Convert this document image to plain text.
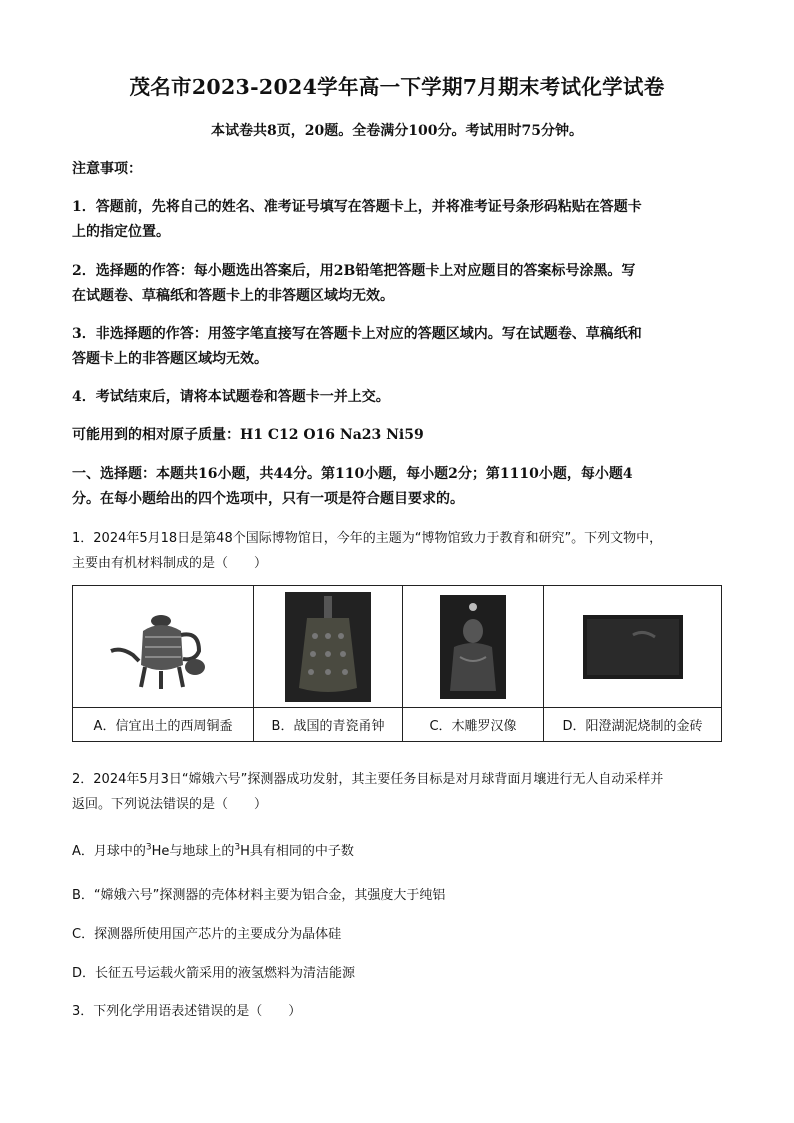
茂名市2023-2024学年高一下学期7月期末考试化学试卷
本试卷共8页，20题。全卷满分100分。考试用时75分钟。
注意事项：
1．答题前，先将自己的姓名、准考证号填写在答题卡上，并将准考证号条形码粘贴在答题卡
上的指定位置。
2．选择题的作答：每小题选出答案后，用2B铅笔把答题卡上对应题目的答案标号涂黑。写
在试题卷、草稿纸和答题卡上的非答题区域均无效。
3．非选择题的作答：用签字笔直接写在答题卡上对应的答题区域内。写在试题卷、草稿纸和
答题卡上的非答题区域均无效。
4．考试结束后，请将本试题卷和答题卡一并上交。
可能用到的相对原子质量：H1 C12 O16 Na23 Ni59
一、选择题：本题共16小题，共44分。第110小题，每小题2分；第1110小题，每小题4
分。在每小题给出的四个选项中，只有一项是符合题目要求的。
1．2024年5月18日是第48个国际博物馆日，今年的主题为“博物馆致力于教育和研究”。下列文物中，
主要由有机材料制成的是（　　）

A．信宜出土的西周铜盉	B．战国的青瓷甬钟	C．木雕罗汉像	D．阳澄湖泥烧制的金砖
2．2024年5月3日“嫦娥六号”探测器成功发射，其主要任务目标是对月球背面月壤进行无人自动采样并
返回。下列说法错误的是（　　）
A．月球中的$^3$He与地球上的$^3$H具有相同的中子数
B．“嫦娥六号”探测器的壳体材料主要为铝合金，其强度大于纯铝
C．探测器所使用国产芯片的主要成分为晶体硅
D．长征五号运载火箭采用的液氢燃料为清洁能源
3．下列化学用语表述错误的是（　　）
